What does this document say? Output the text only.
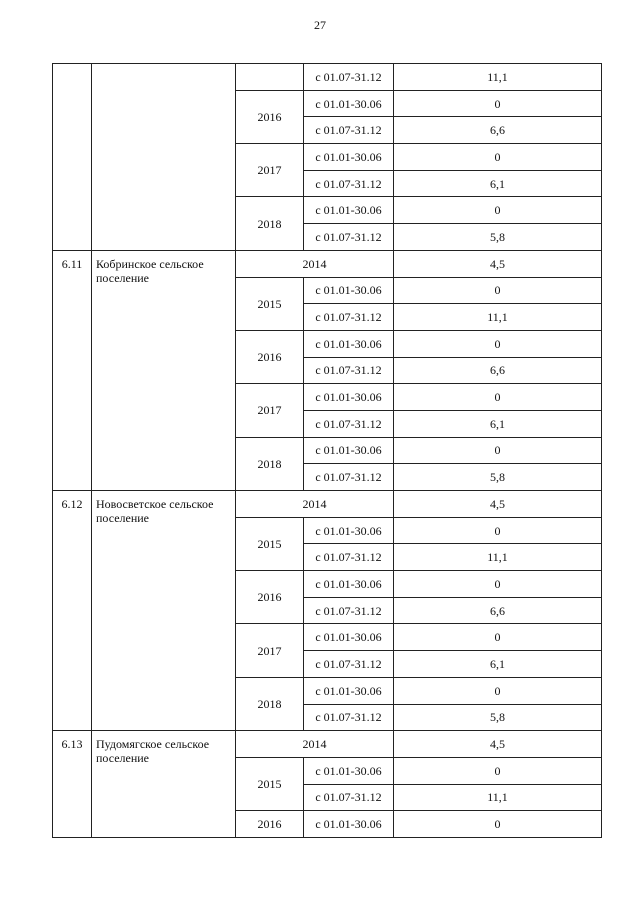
27
			с 01.07-31.12	11,1
		2016	с 01.01-30.06	0
			с 01.07-31.12	6,6
		2017	с 01.01-30.06	0
			с 01.07-31.12	6,1
		2018	с 01.01-30.06	0
			с 01.07-31.12	5,8
6.11	Кобринское сельское поселение	2014		4,5
		2015	с 01.01-30.06	0
			с 01.07-31.12	11,1
		2016	с 01.01-30.06	0
			с 01.07-31.12	6,6
		2017	с 01.01-30.06	0
			с 01.07-31.12	6,1
		2018	с 01.01-30.06	0
			с 01.07-31.12	5,8
6.12	Новосветское сельское поселение	2014		4,5
		2015	с 01.01-30.06	0
			с 01.07-31.12	11,1
		2016	с 01.01-30.06	0
			с 01.07-31.12	6,6
		2017	с 01.01-30.06	0
			с 01.07-31.12	6,1
		2018	с 01.01-30.06	0
			с 01.07-31.12	5,8
6.13	Пудомягское сельское поселение	2014		4,5
		2015	с 01.01-30.06	0
			с 01.07-31.12	11,1
		2016	с 01.01-30.06	0
